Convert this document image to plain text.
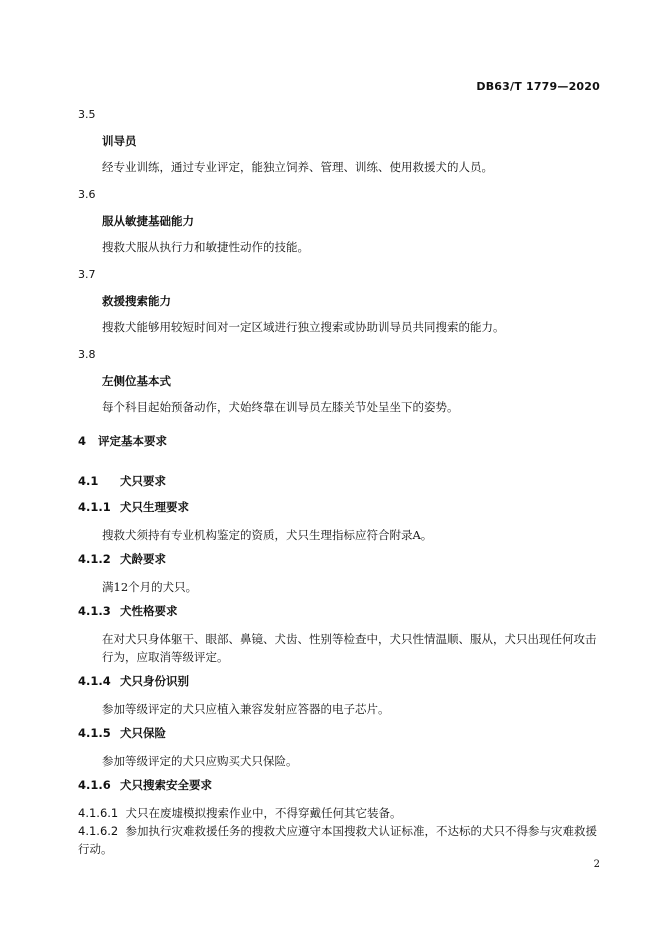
DB63/T 1779—2020
3.5
训导员
经专业训练，通过专业评定，能独立饲养、管理、训练、使用救援犬的人员。
3.6
服从敏捷基础能力
搜救犬服从执行力和敏捷性动作的技能。
3.7
救援搜索能力
搜救犬能够用较短时间对一定区域进行独立搜索或协助训导员共同搜索的能力。
3.8
左侧位基本式
每个科目起始预备动作，犬始终靠在训导员左膝关节处呈坐下的姿势。
4 评定基本要求
4.1 犬只要求
4.1.1 犬只生理要求
搜救犬须持有专业机构鉴定的资质，犬只生理指标应符合附录A。
4.1.2 犬龄要求
满12个月的犬只。
4.1.3 犬性格要求
在对犬只身体躯干、眼部、鼻镜、犬齿、性别等检查中，犬只性情温顺、服从，犬只出现任何攻击行为，应取消等级评定。
4.1.4 犬只身份识别
参加等级评定的犬只应植入兼容发射应答器的电子芯片。
4.1.5 犬只保险
参加等级评定的犬只应购买犬只保险。
4.1.6 犬只搜索安全要求
4.1.6.1 犬只在废墟模拟搜索作业中，不得穿戴任何其它装备。
4.1.6.2 参加执行灾难救援任务的搜救犬应遵守本国搜救犬认证标准，不达标的犬只不得参与灾难救援行动。
2
